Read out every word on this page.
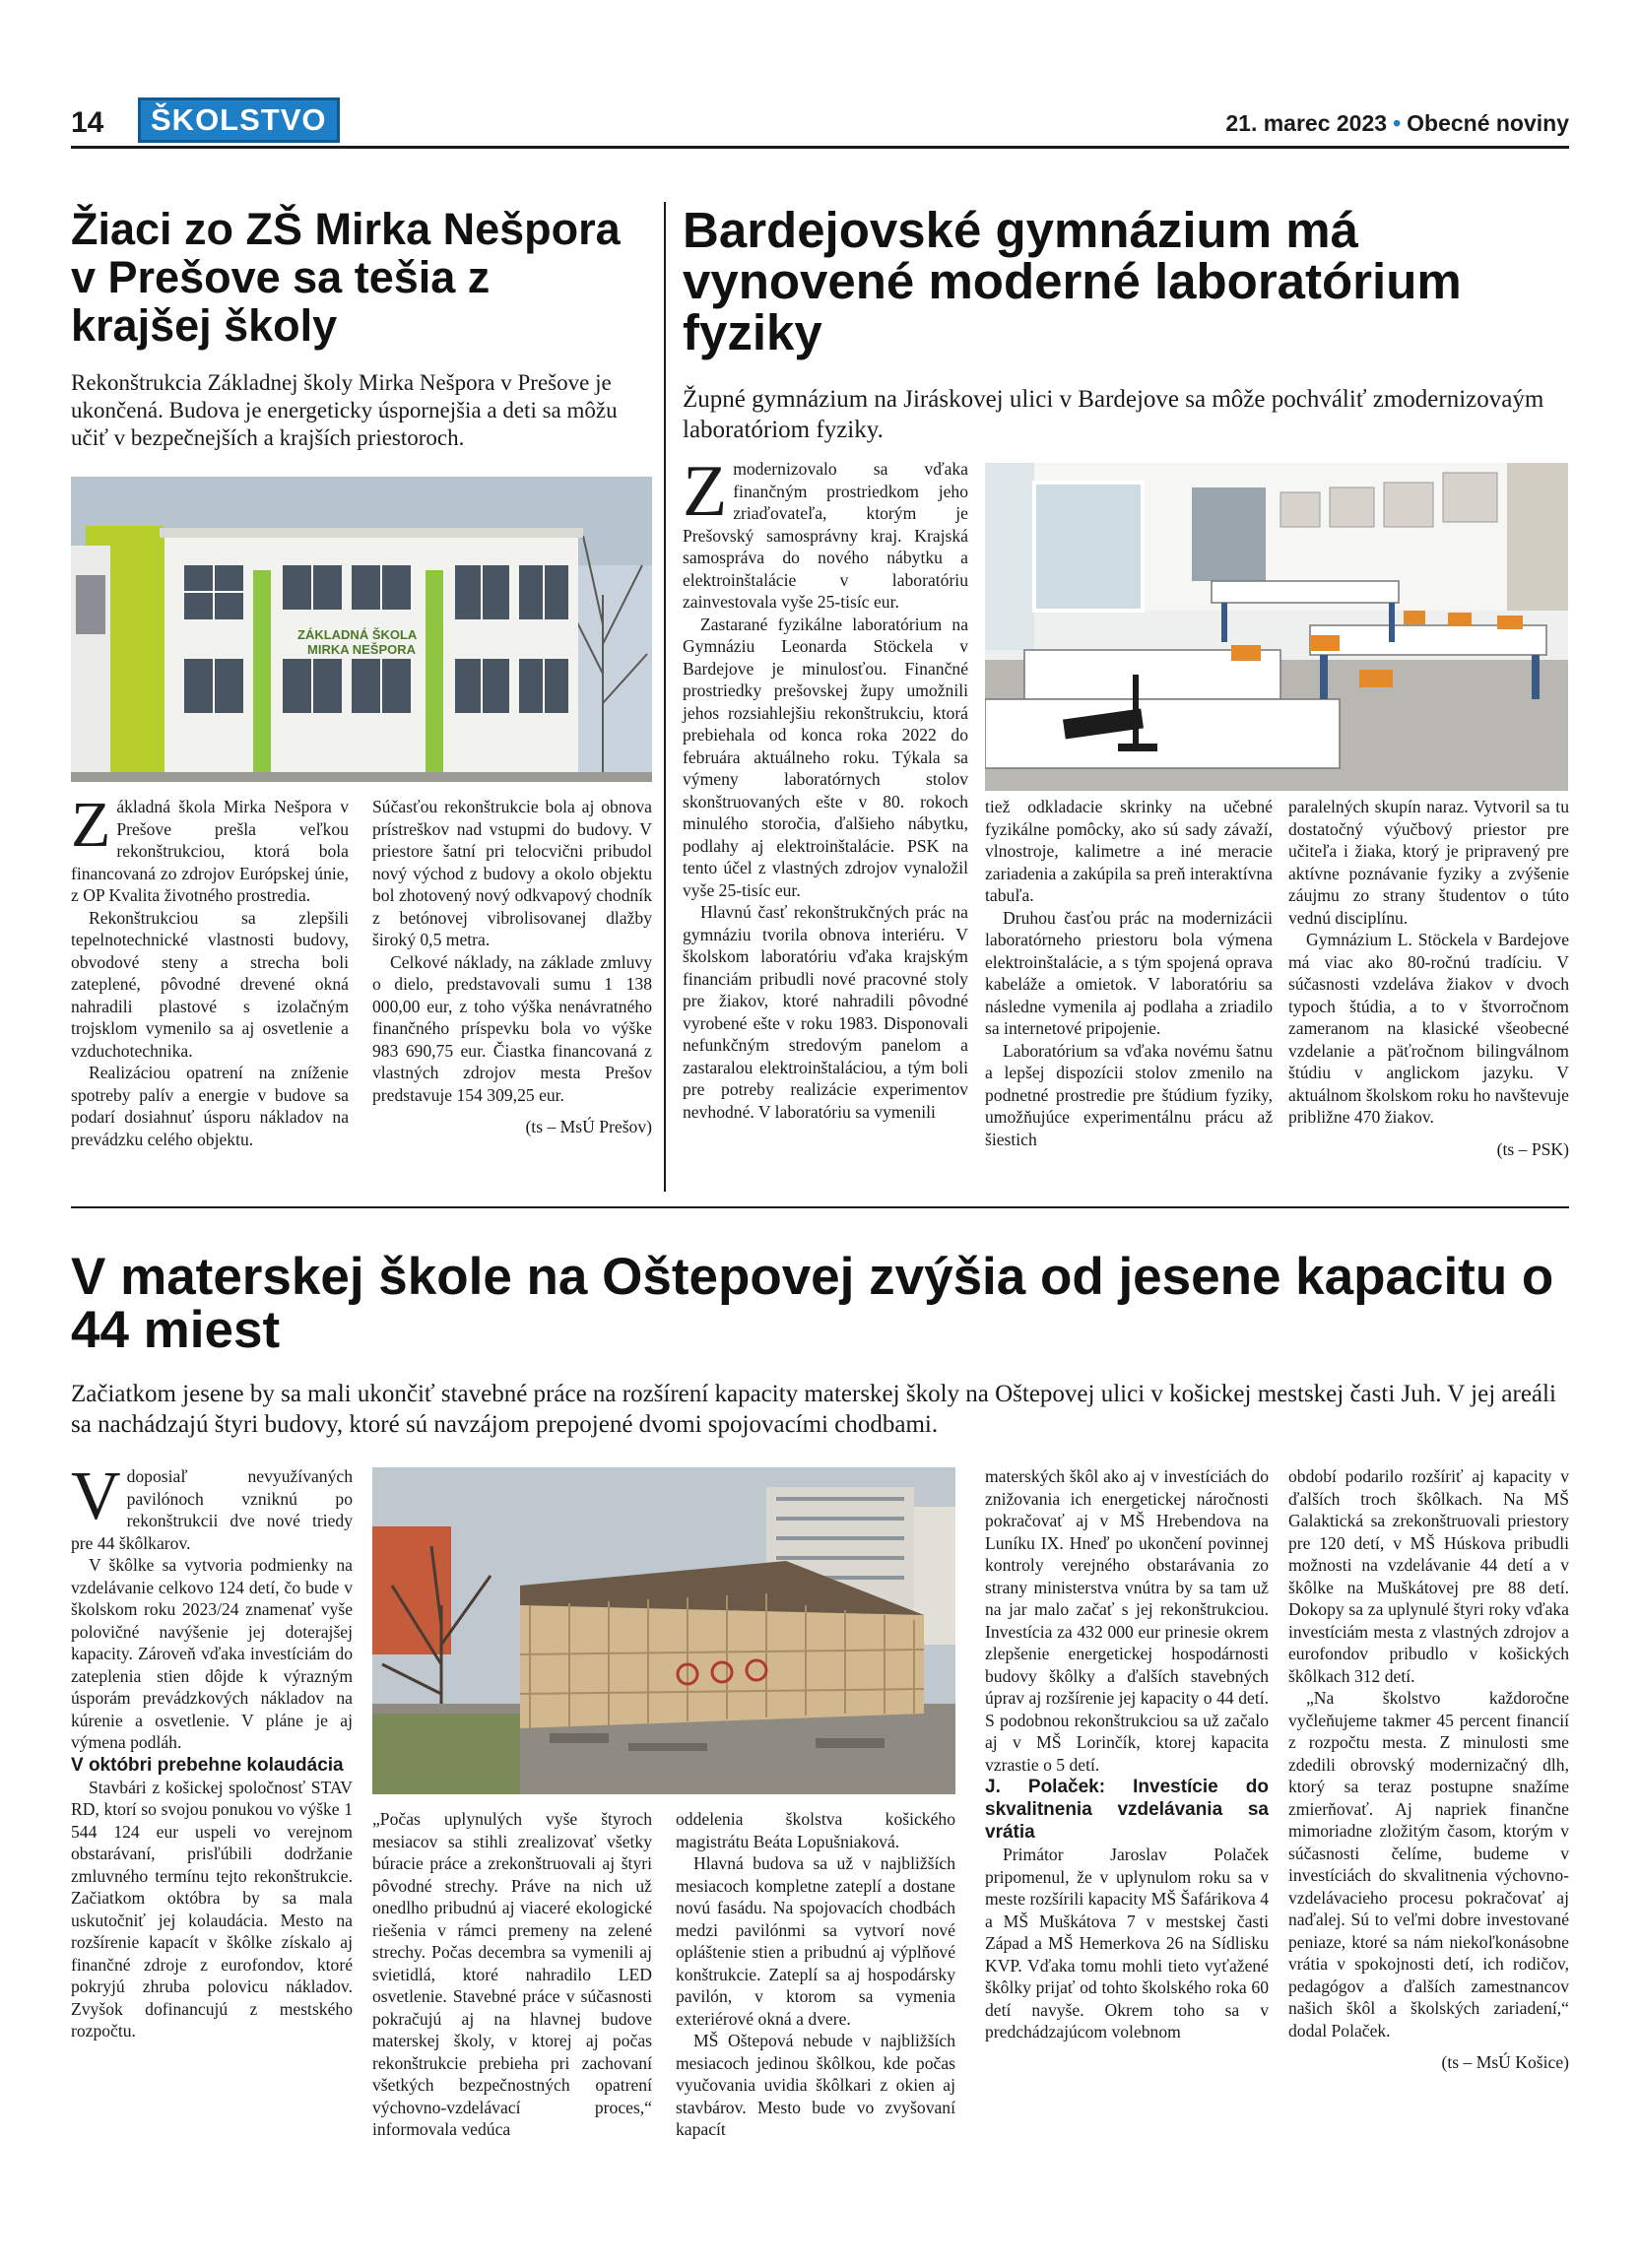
14	ŠKOLSTVO	21. marec 2023 • Obecné noviny
Žiaci zo ZŠ Mirka Nešpora v Prešove sa tešia z krajšej školy
Rekonštrukcia Základnej školy Mirka Nešpora v Prešove je ukončená. Budova je energeticky úspornejšia a deti sa môžu učiť v bezpečnejších a krajších priestoroch.
ZÁKLADNÁ ŠKOLA
MIRKA NEŠPORA

Základná škola Mirka Nešpora v Prešove prešla veľkou rekonštrukciou, ktorá bola financovaná zo zdrojov Európskej únie, z OP Kvalita životného prostredia.

Rekonštrukciou sa zlepšili tepelnotechnické vlastnosti budovy, obvodové steny a strecha boli zateplené, pôvodné drevené okná nahradili plastové s izolačným trojsklom vymenilo sa aj osvetlenie a vzduchotechnika.

Realizáciou opatrení na zníženie spotreby palív a energie v budove sa podarí dosiahnuť úsporu nákladov na prevádzku celého objektu.

Súčasťou rekonštrukcie bola aj obnova prístreškov nad vstupmi do budovy. V priestore šatní pri telocvični pribudol nový východ z budovy a okolo objektu bol zhotovený nový odkvapový chodník z betónovej vibrolisovanej dlažby široký 0,5 metra.

Celkové náklady, na základe zmluvy o dielo, predstavovali sumu 1 138 000,00 eur, z toho výška nenávratného finančného príspevku bola vo výške 983 690,75 eur. Čiastka financovaná z vlastných zdrojov mesta Prešov predstavuje 154 309,25 eur.

(ts – MsÚ Prešov)

Bardejovské gymnázium má vynovené moderné laboratórium fyziky
Župné gymnázium na Jiráskovej ulici v Bardejove sa môže pochváliť zmodernizovaým laboratóriom fyziky.

Zmodernizovalo sa vďaka finančným prostriedkom jeho zriaďovateľa, ktorým je Prešovský samosprávny kraj. Krajská samospráva do nového nábytku a elektroinštalácie v laboratóriu zainvestovala vyše 25-tisíc eur.

Zastarané fyzikálne laboratórium na Gymnáziu Leonarda Stöckela v Bardejove je minulosťou. Finančné prostriedky prešovskej župy umožnili jehos rozsiahlejšiu rekonštrukciu, ktorá prebiehala od konca roka 2022 do februára aktuálneho roku. Týkala sa výmeny laboratórnych stolov skonštruovaných ešte v 80. rokoch minulého storočia, ďalšieho nábytku, podlahy aj elektroinštalácie. PSK na tento účel z vlastných zdrojov vynaložil vyše 25-tisíc eur.

Hlavnú časť rekonštrukčných prác na gymnáziu tvorila obnova interiéru. V školskom laboratóriu vďaka krajským financiám pribudli nové pracovné stoly pre žiakov, ktoré nahradili pôvodné vyrobené ešte v roku 1983. Disponovali nefunkčným stredovým panelom a zastaralou elektroinštaláciou, a tým boli pre potreby realizácie experimentov nevhodné. V laboratóriu sa vymenili

tiež odkladacie skrinky na učebné fyzikálne pomôcky, ako sú sady závaží, vlnostroje, kalimetre a iné meracie zariadenia a zakúpila sa preň interaktívna tabuľa.

Druhou časťou prác na modernizácii laboratórneho priestoru bola výmena elektroinštalácie, a s tým spojená oprava kabeláže a omietok. V laboratóriu sa následne vymenila aj podlaha a zriadilo sa internetové pripojenie.

Laboratórium sa vďaka novému šatnu a lepšej dispozícii stolov zmenilo na podnetné prostredie pre štúdium fyziky, umožňujúce experimentálnu prácu až šiestich

paralelných skupín naraz. Vytvoril sa tu dostatočný výučbový priestor pre učiteľa i žiaka, ktorý je pripravený pre aktívne poznávanie fyziky a zvýšenie záujmu zo strany študentov o túto vednú disciplínu.

Gymnázium L. Stöckela v Bardejove má viac ako 80-ročnú tradíciu. V súčasnosti vzdeláva žiakov v dvoch typoch štúdia, a to v štvorročnom zameranom na klasické všeobecné vzdelanie a päťročnom bilingválnom štúdiu v anglickom jazyku. V aktuálnom školskom roku ho navštevuje približne 470 žiakov.

(ts – PSK)

V materskej škole na Oštepovej zvýšia od jesene kapacitu o 44 miest
Začiatkom jesene by sa mali ukončiť stavebné práce na rozšírení kapacity materskej školy na Oštepovej ulici v košickej mestskej časti Juh. V jej areáli sa nachádzajú štyri budovy, ktoré sú navzájom prepojené dvomi spojovacími chodbami.

Vdoposiaľ nevyužívaných pavilónoch vzniknú po rekonštrukcii dve nové triedy pre 44 škôlkarov.

V škôlke sa vytvoria podmienky na vzdelávanie celkovo 124 detí, čo bude v školskom roku 2023/24 znamenať vyše polovičné navýšenie jej doterajšej kapacity. Zároveň vďaka investíciám do zateplenia stien dôjde k výrazným úsporám prevádzkových nákladov na kúrenie a osvetlenie. V pláne je aj výmena podláh.

V októbri prebehne kolaudácia

Stavbári z košickej spoločnosť STAV RD, ktorí so svojou ponukou vo výške 1 544 124 eur uspeli vo verejnom obstarávaní, prisľúbili dodržanie zmluvného termínu tejto rekonštrukcie. Začiatkom októbra by sa mala uskutočniť jej kolaudácia. Mesto na rozšírenie kapacít v škôlke získalo aj finančné zdroje z eurofondov, ktoré pokryjú zhruba polovicu nákladov. Zvyšok dofinancujú z mestského rozpočtu.

„Počas uplynulých vyše štyroch mesiacov sa stihli zrealizovať všetky búracie práce a zrekonštruovali aj štyri pôvodné strechy. Práve na nich už onedlho pribudnú aj viaceré ekologické riešenia v rámci premeny na zelené strechy. Počas decembra sa vymenili aj svietidlá, ktoré nahradilo LED osvetlenie. Stavebné práce v súčasnosti pokračujú aj na hlavnej budove materskej školy, v ktorej aj počas rekonštrukcie prebieha pri zachovaní všetkých bezpečnostných opatrení výchovno-vzdelávací proces,“ informovala vedúca

oddelenia školstva košického magistrátu Beáta Lopušniaková.

Hlavná budova sa už v najbližších mesiacoch kompletne zateplí a dostane novú fasádu. Na spojovacích chodbách medzi pavilónmi sa vytvorí nové opláštenie stien a pribudnú aj výplňové konštrukcie. Zateplí sa aj hospodársky pavilón, v ktorom sa vymenia exteriérové okná a dvere.

MŠ Oštepová nebude v najbližších mesiacoch jedinou škôlkou, kde počas vyučovania uvidia škôlkari z okien aj stavbárov. Mesto bude vo zvyšovaní kapacít

materských škôl ako aj v investíciách do znižovania ich energetickej náročnosti pokračovať aj v MŠ Hrebendova na Luníku IX. Hneď po ukončení povinnej kontroly verejného obstarávania zo strany ministerstva vnútra by sa tam už na jar malo začať s jej rekonštrukciou. Investícia za 432 000 eur prinesie okrem zlepšenie energetickej hospodárnosti budovy škôlky a ďalších stavebných úprav aj rozšírenie jej kapacity o 44 detí. S podobnou rekonštrukciou sa už začalo aj v MŠ Lorinčík, ktorej kapacita vzrastie o 5 detí.

J. Polaček: Investície do skvalitnenia vzdelávania sa vrátia

Primátor Jaroslav Polaček pripomenul, že v uplynulom roku sa v meste rozšírili kapacity MŠ Šafárikova 4 a MŠ Muškátova 7 v mestskej časti Západ a MŠ Hemerkova 26 na Sídlisku KVP. Vďaka tomu mohli tieto vyťažené škôlky prijať od tohto školského roka 60 detí navyše. Okrem toho sa v predchádzajúcom volebnom

období podarilo rozšíriť aj kapacity v ďalších troch škôlkach. Na MŠ Galaktická sa zrekonštruovali priestory pre 120 detí, v MŠ Húskova pribudli možnosti na vzdelávanie 44 detí a v škôlke na Muškátovej pre 88 detí. Dokopy sa za uplynulé štyri roky vďaka investíciám mesta z vlastných zdrojov a eurofondov pribudlo v košických škôlkach 312 detí.

„Na školstvo každoročne vyčleňujeme takmer 45 percent financií z rozpočtu mesta. Z minulosti sme zdedili obrovský modernizačný dlh, ktorý sa teraz postupne snažíme zmierňovať. Aj napriek finančne mimoriadne zložitým časom, ktorým v súčasnosti čelíme, budeme v investíciách do skvalitnenia výchovno-vzdelávacieho procesu pokračovať aj naďalej. Sú to veľmi dobre investované peniaze, ktoré sa nám niekoľkonásobne vrátia v spokojnosti detí, ich rodičov, pedagógov a ďalších zamestnancov našich škôl a školských zariadení,“ dodal Polaček.

(ts – MsÚ Košice)
